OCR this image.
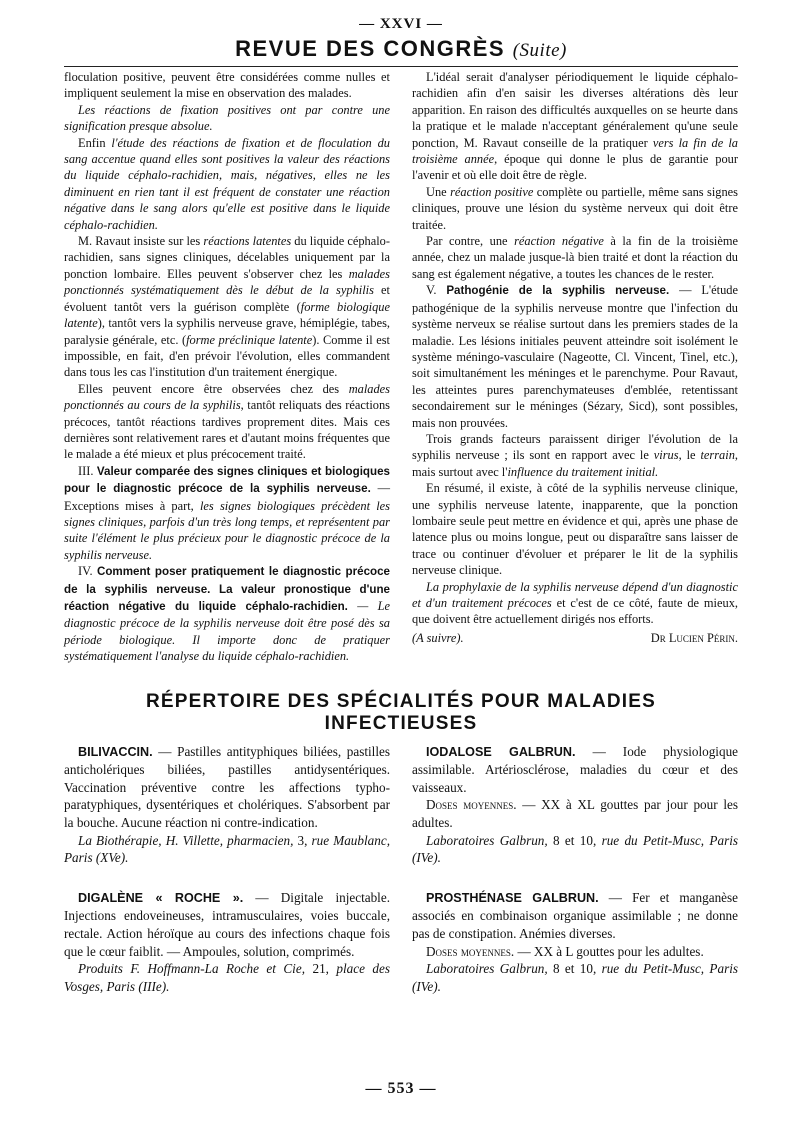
— XXVI —
REVUE DES CONGRÈS (Suite)

floculation positive, peuvent être considérées comme nulles et impliquent seulement la mise en observation des malades.

Les réactions de fixation positives ont par contre une signification presque absolue.

Enfin l'étude des réactions de fixation et de floculation du sang accentue quand elles sont positives la valeur des réactions du liquide céphalo-rachidien, mais, négatives, elles ne les diminuent en rien tant il est fréquent de constater une réaction négative dans le sang alors qu'elle est positive dans le liquide céphalo-rachidien.

M. Ravaut insiste sur les réactions latentes du liquide céphalo-rachidien, sans signes cliniques, décelables uniquement par la ponction lombaire. Elles peuvent s'observer chez les malades ponctionnés systématiquement dès le début de la syphilis et évoluent tantôt vers la guérison complète (forme biologique latente), tantôt vers la syphilis nerveuse grave, hémiplégie, tabes, paralysie générale, etc. (forme préclinique latente). Comme il est impossible, en fait, d'en prévoir l'évolution, elles commandent dans tous les cas l'institution d'un traitement énergique.

Elles peuvent encore être observées chez des malades ponctionnés au cours de la syphilis, tantôt reliquats des réactions précoces, tantôt réactions tardives proprement dites. Mais ces dernières sont relativement rares et d'autant moins fréquentes que le malade a été mieux et plus précocement traité.

III. Valeur comparée des signes cliniques et biologiques pour le diagnostic précoce de la syphilis nerveuse. — Exceptions mises à part, les signes biologiques précèdent les signes cliniques, parfois d'un très long temps, et représentent par suite l'élément le plus précieux pour le diagnostic précoce de la syphilis nerveuse.

IV. Comment poser pratiquement le diagnostic précoce de la syphilis nerveuse. La valeur pronostique d'une réaction négative du liquide céphalo-rachidien. — Le diagnostic précoce de la syphilis nerveuse doit être posé dès sa période biologique. Il importe donc de pratiquer systématiquement l'analyse du liquide céphalo-rachidien.

L'idéal serait d'analyser périodiquement le liquide céphalo-rachidien afin d'en saisir les diverses altérations dès leur apparition. En raison des difficultés auxquelles on se heurte dans la pratique et le malade n'acceptant généralement qu'une seule ponction, M. Ravaut conseille de la pratiquer vers la fin de la troisième année, époque qui donne le plus de garantie pour l'avenir et où elle doit être de règle.

Une réaction positive complète ou partielle, même sans signes cliniques, prouve une lésion du système nerveux qui doit être traitée.

Par contre, une réaction négative à la fin de la troisième année, chez un malade jusque-là bien traité et dont la réaction du sang est également négative, a toutes les chances de le rester.

V. Pathogénie de la syphilis nerveuse. — L'étude pathogénique de la syphilis nerveuse montre que l'infection du système nerveux se réalise surtout dans les premiers stades de la maladie. Les lésions initiales peuvent atteindre soit isolément le système méningo-vasculaire (Nageotte, Cl. Vincent, Tinel, etc.), soit simultanément les méninges et le parenchyme. Pour Ravaut, les atteintes pures parenchymateuses d'emblée, retentissant secondairement sur le méninges (Sézary, Sicd), sont possibles, mais non prouvées.

Trois grands facteurs paraissent diriger l'évolution de la syphilis nerveuse ; ils sont en rapport avec le virus, le terrain, mais surtout avec l'influence du traitement initial.

En résumé, il existe, à côté de la syphilis nerveuse clinique, une syphilis nerveuse latente, inapparente, que la ponction lombaire seule peut mettre en évidence et qui, après une phase de latence plus ou moins longue, peut ou disparaître sans laisser de trace ou continuer d'évoluer et préparer le lit de la syphilis nerveuse clinique.

La prophylaxie de la syphilis nerveuse dépend d'un diagnostic et d'un traitement précoces et c'est de ce côté, faute de mieux, que doivent être actuellement dirigés nos efforts.

(A suivre).	Dr Lucien Périn.
RÉPERTOIRE DES SPÉCIALITÉS POUR MALADIES
INFECTIEUSES

BILIVACCIN. — Pastilles antityphiques biliées, pastilles anticholériques biliées, pastilles antidysentériques. Vaccination préventive contre les affections typho-paratyphiques, dysentériques et cholériques. S'absorbent par la bouche. Aucune réaction ni contre-indication.

La Biothérapie, H. Villette, pharmacien, 3, rue Maublanc, Paris (XVe).

DIGALÈNE « ROCHE ». — Digitale injectable. Injections endoveineuses, intramusculaires, voies buccale, rectale. Action héroïque au cours des infections chaque fois que le cœur faiblit. — Ampoules, solution, comprimés.

Produits F. Hoffmann-La Roche et Cie, 21, place des Vosges, Paris (IIIe).

IODALOSE GALBRUN. — Iode physiologique assimilable. Artériosclérose, maladies du cœur et des vaisseaux.

Doses moyennes. — XX à XL gouttes par jour pour les adultes.

Laboratoires Galbrun, 8 et 10, rue du Petit-Musc, Paris (IVe).

PROSTHÉNASE GALBRUN. — Fer et manganèse associés en combinaison organique assimilable ; ne donne pas de constipation. Anémies diverses.

Doses moyennes. — XX à L gouttes pour les adultes.

Laboratoires Galbrun, 8 et 10, rue du Petit-Musc, Paris (IVe).

— 553 —
